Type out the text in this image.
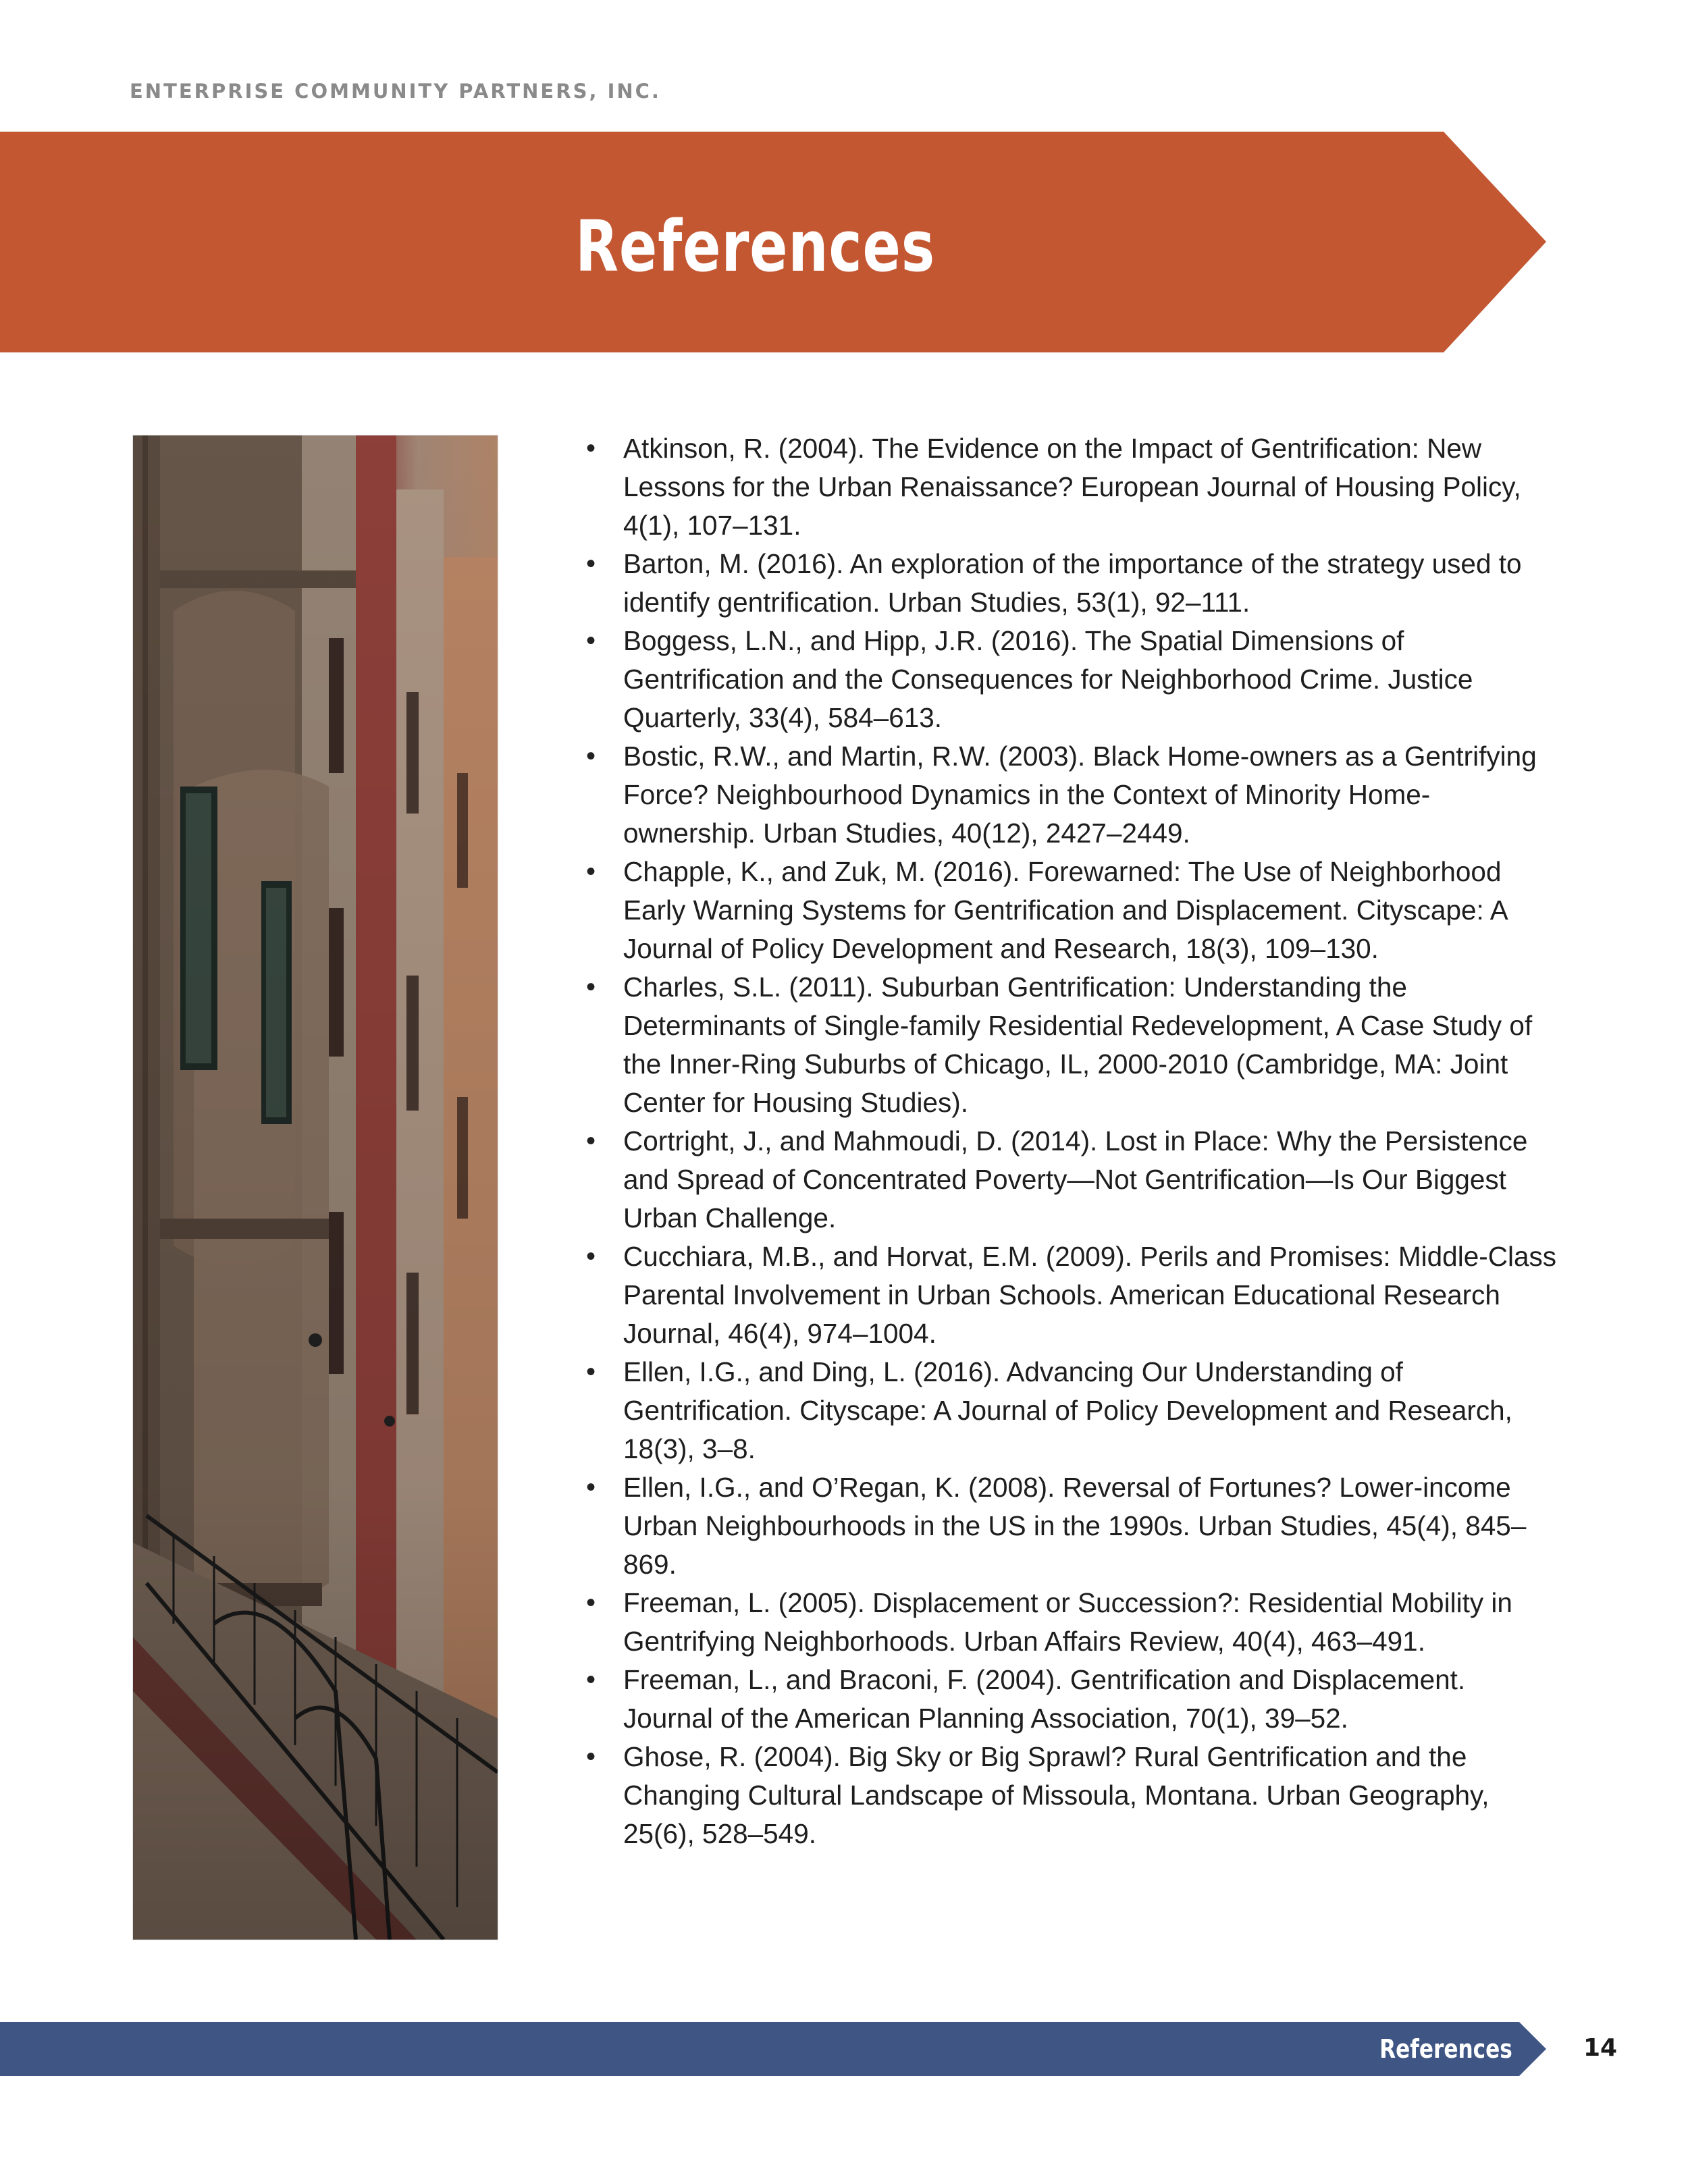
ENTERPRISE COMMUNITY PARTNERS, INC.
References
• Atkinson, R. (2004). The Evidence on the Impact of Gentrification: New Lessons for the Urban Renaissance? European Journal of Housing Policy, 4(1), 107–131.
• Barton, M. (2016). An exploration of the importance of the strategy used to identify gentrification. Urban Studies, 53(1), 92–111.
• Boggess, L.N., and Hipp, J.R. (2016). The Spatial Dimensions of Gentrification and the Consequences for Neighborhood Crime. Justice Quarterly, 33(4), 584–613.
• Bostic, R.W., and Martin, R.W. (2003). Black Home-owners as a Gentrifying Force? Neighbourhood Dynamics in the Context of Minority Home-ownership. Urban Studies, 40(12), 2427–2449.
• Chapple, K., and Zuk, M. (2016). Forewarned: The Use of Neighborhood Early Warning Systems for Gentrification and Displacement. Cityscape: A Journal of Policy Development and Research, 18(3), 109–130.
• Charles, S.L. (2011). Suburban Gentrification: Understanding the Determinants of Single-family Residential Redevelopment, A Case Study of the Inner-Ring Suburbs of Chicago, IL, 2000-2010 (Cambridge, MA: Joint Center for Housing Studies).
• Cortright, J., and Mahmoudi, D. (2014). Lost in Place: Why the Persistence and Spread of Concentrated Poverty—Not Gentrification—Is Our Biggest Urban Challenge.
• Cucchiara, M.B., and Horvat, E.M. (2009). Perils and Promises: Middle-Class Parental Involvement in Urban Schools. American Educational Research Journal, 46(4), 974–1004.
• Ellen, I.G., and Ding, L. (2016). Advancing Our Understanding of Gentrification. Cityscape: A Journal of Policy Development and Research, 18(3), 3–8.
• Ellen, I.G., and O’Regan, K. (2008). Reversal of Fortunes? Lower-income Urban Neighbourhoods in the US in the 1990s. Urban Studies, 45(4), 845–869.
• Freeman, L. (2005). Displacement or Succession?: Residential Mobility in Gentrifying Neighborhoods. Urban Affairs Review, 40(4), 463–491.
• Freeman, L., and Braconi, F. (2004). Gentrification and Displacement. Journal of the American Planning Association, 70(1), 39–52.
• Ghose, R. (2004). Big Sky or Big Sprawl? Rural Gentrification and the Changing Cultural Landscape of Missoula, Montana. Urban Geography, 25(6), 528–549.
References	14
